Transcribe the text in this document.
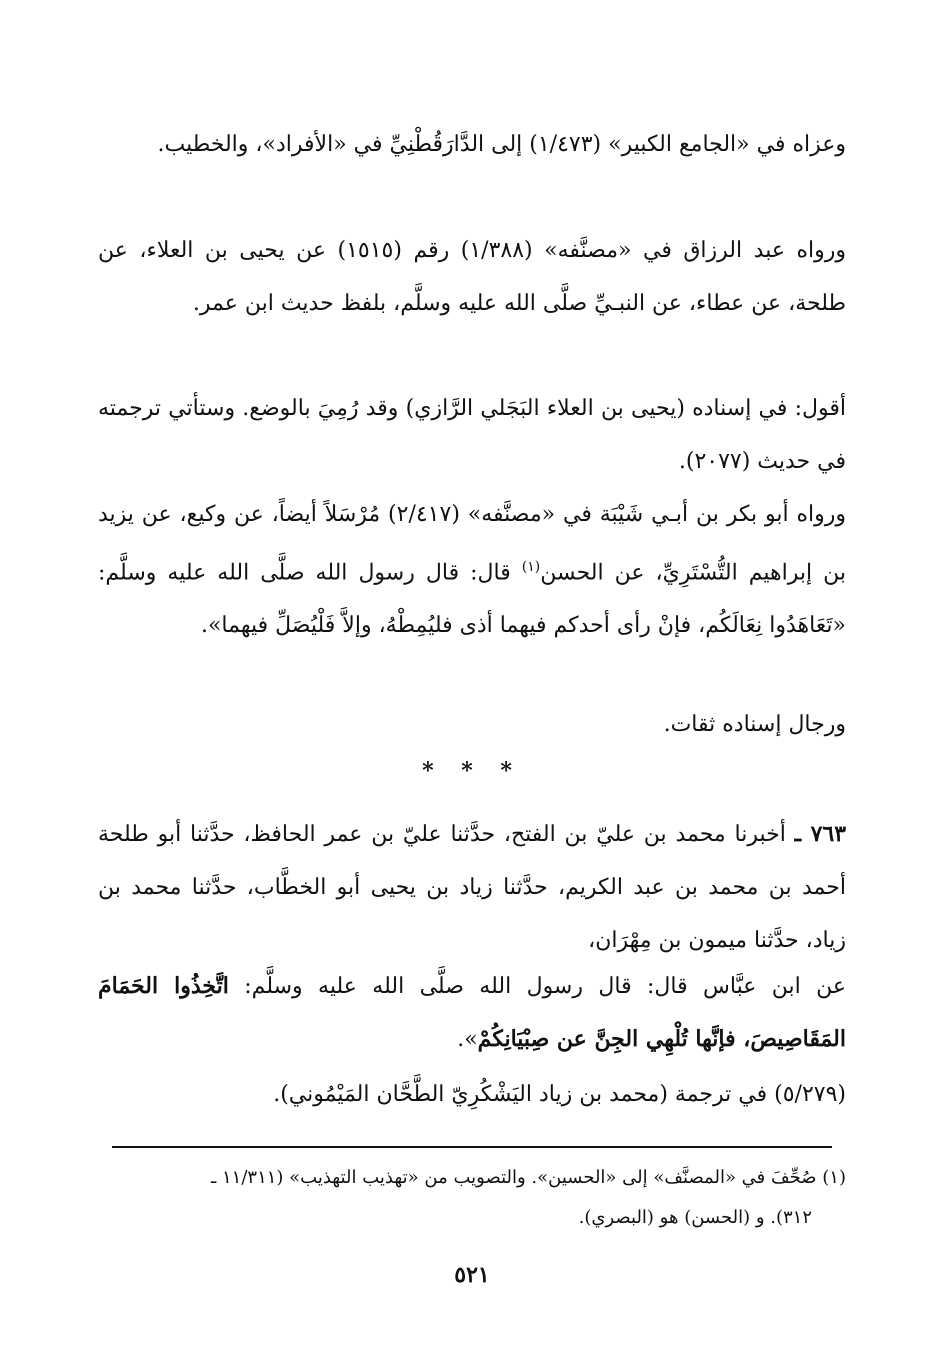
وعزاه في «الجامع الكبير» (١/٤٧٣) إلى الدَّارَقُطْنِيِّ في «الأفراد»، والخطيب.

ورواه عبد الرزاق في «مصنَّفه» (١/٣٨٨) رقم (١٥١٥) عن يحيى بن العلاء، عن طلحة، عن عطاء، عن النبـيِّ صلَّى الله عليه وسلَّم، بلفظ حديث ابن عمر.

أقول: في إسناده (يحيى بن العلاء البَجَلي الرَّازي) وقد رُمِيَ بالوضع. وستأتي ترجمته في حديث (٢٠٧٧).

ورواه أبو بكر بن أبـي شَيْبَة في «مصنَّفه» (٢/٤١٧) مُرْسَلاً أيضاً، عن وكيع، عن يزيد بن إبراهيم التُّسْتَرِيِّ، عن الحسن$^{(١)}$ قال: قال رسول الله صلَّى الله عليه وسلَّم: «تَعَاهَدُوا نِعَالَكُم، فإنْ رأى أحدكم فيهما أذى فليُمِطْهُ، وإلاَّ فَلْيُصَلِّ فيهما».

ورجال إسناده ثقات.

* * *

٧٦٣ ـ أخبرنا محمد بن عليّ بن الفتح، حدَّثنا عليّ بن عمر الحافظ، حدَّثنا أبو طلحة أحمد بن محمد بن عبد الكريم، حدَّثنا زياد بن يحيى أبو الخطَّاب، حدَّثنا محمد بن زياد، حدَّثنا ميمون بن مِهْرَان،

عن ابن عبَّاس قال: قال رسول الله صلَّى الله عليه وسلَّم: اتَّخِذُوا الحَمَامَ المَقَاصِيصَ، فإنَّها تُلْهِي الجِنَّ عن صِبْيَانِكُمْ».

(٥/٢٧٩) في ترجمة (محمد بن زياد اليَشْكُرِيّ الطَّحَّان المَيْمُوني).

(١) صُحِّفَ في «المصنَّف» إلى «الحسين». والتصويب من «تهذيب التهذيب» (١١/٣١١ ـ

٣١٢). و (الحسن) هو (البصري).

٥٢١
